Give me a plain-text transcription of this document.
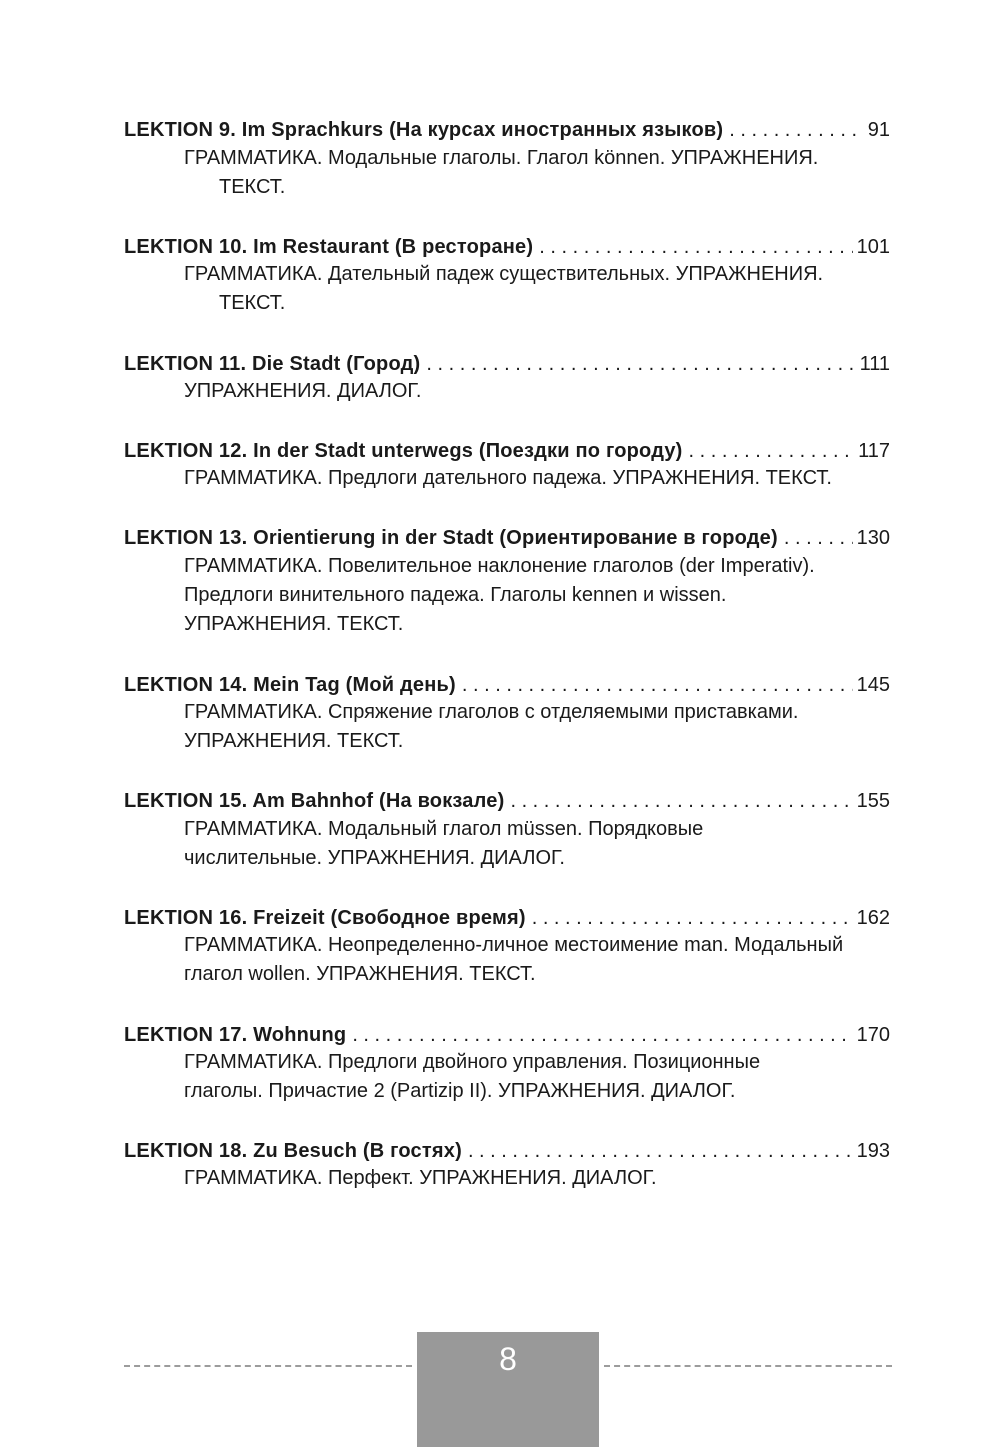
LEKTION 9. Im Sprachkurs (На курсах иностранных языков) . . .	91
ГРАММАТИКА. Модальные глаголы. Глагол können. УПРАЖНЕНИЯ.
ТЕКСТ.
LEKTION 10. Im Restaurant (В ресторане) . . .	101
ГРАММАТИКА. Дательный падеж существительных. УПРАЖНЕНИЯ.
ТЕКСТ.
LEKTION 11. Die Stadt (Город) . . .	111
УПРАЖНЕНИЯ. ДИАЛОГ.
LEKTION 12. In der Stadt unterwegs (Поездки по городу) . . .	117
ГРАММАТИКА. Предлоги дательного падежа. УПРАЖНЕНИЯ. ТЕКСТ.
LEKTION 13. Orientierung in der Stadt (Ориентирование в городе) . . .	130
ГРАММАТИКА. Повелительное наклонение глаголов (der Imperativ).
Предлоги винительного падежа. Глаголы kennen и wissen.
УПРАЖНЕНИЯ. ТЕКСТ.
LEKTION 14. Mein Tag (Мой день) . . .	145
ГРАММАТИКА. Спряжение глаголов с отделяемыми приставками.
УПРАЖНЕНИЯ. ТЕКСТ.
LEKTION 15. Am Bahnhof (На вокзале) . . .	155
ГРАММАТИКА. Модальный глагол müssen. Порядковые
числительные. УПРАЖНЕНИЯ. ДИАЛОГ.
LEKTION 16. Freizeit (Свободное время) . . .	162
ГРАММАТИКА. Неопределенно-личное местоимение man. Модальный
глагол wollen. УПРАЖНЕНИЯ. ТЕКСТ.
LEKTION 17. Wohnung . . .	170
ГРАММАТИКА. Предлоги двойного управления. Позиционные
глаголы. Причастие 2 (Partizip II). УПРАЖНЕНИЯ. ДИАЛОГ.
LEKTION 18. Zu Besuch (В гостях) . . .	193
ГРАММАТИКА. Перфект. УПРАЖНЕНИЯ. ДИАЛОГ.
8
